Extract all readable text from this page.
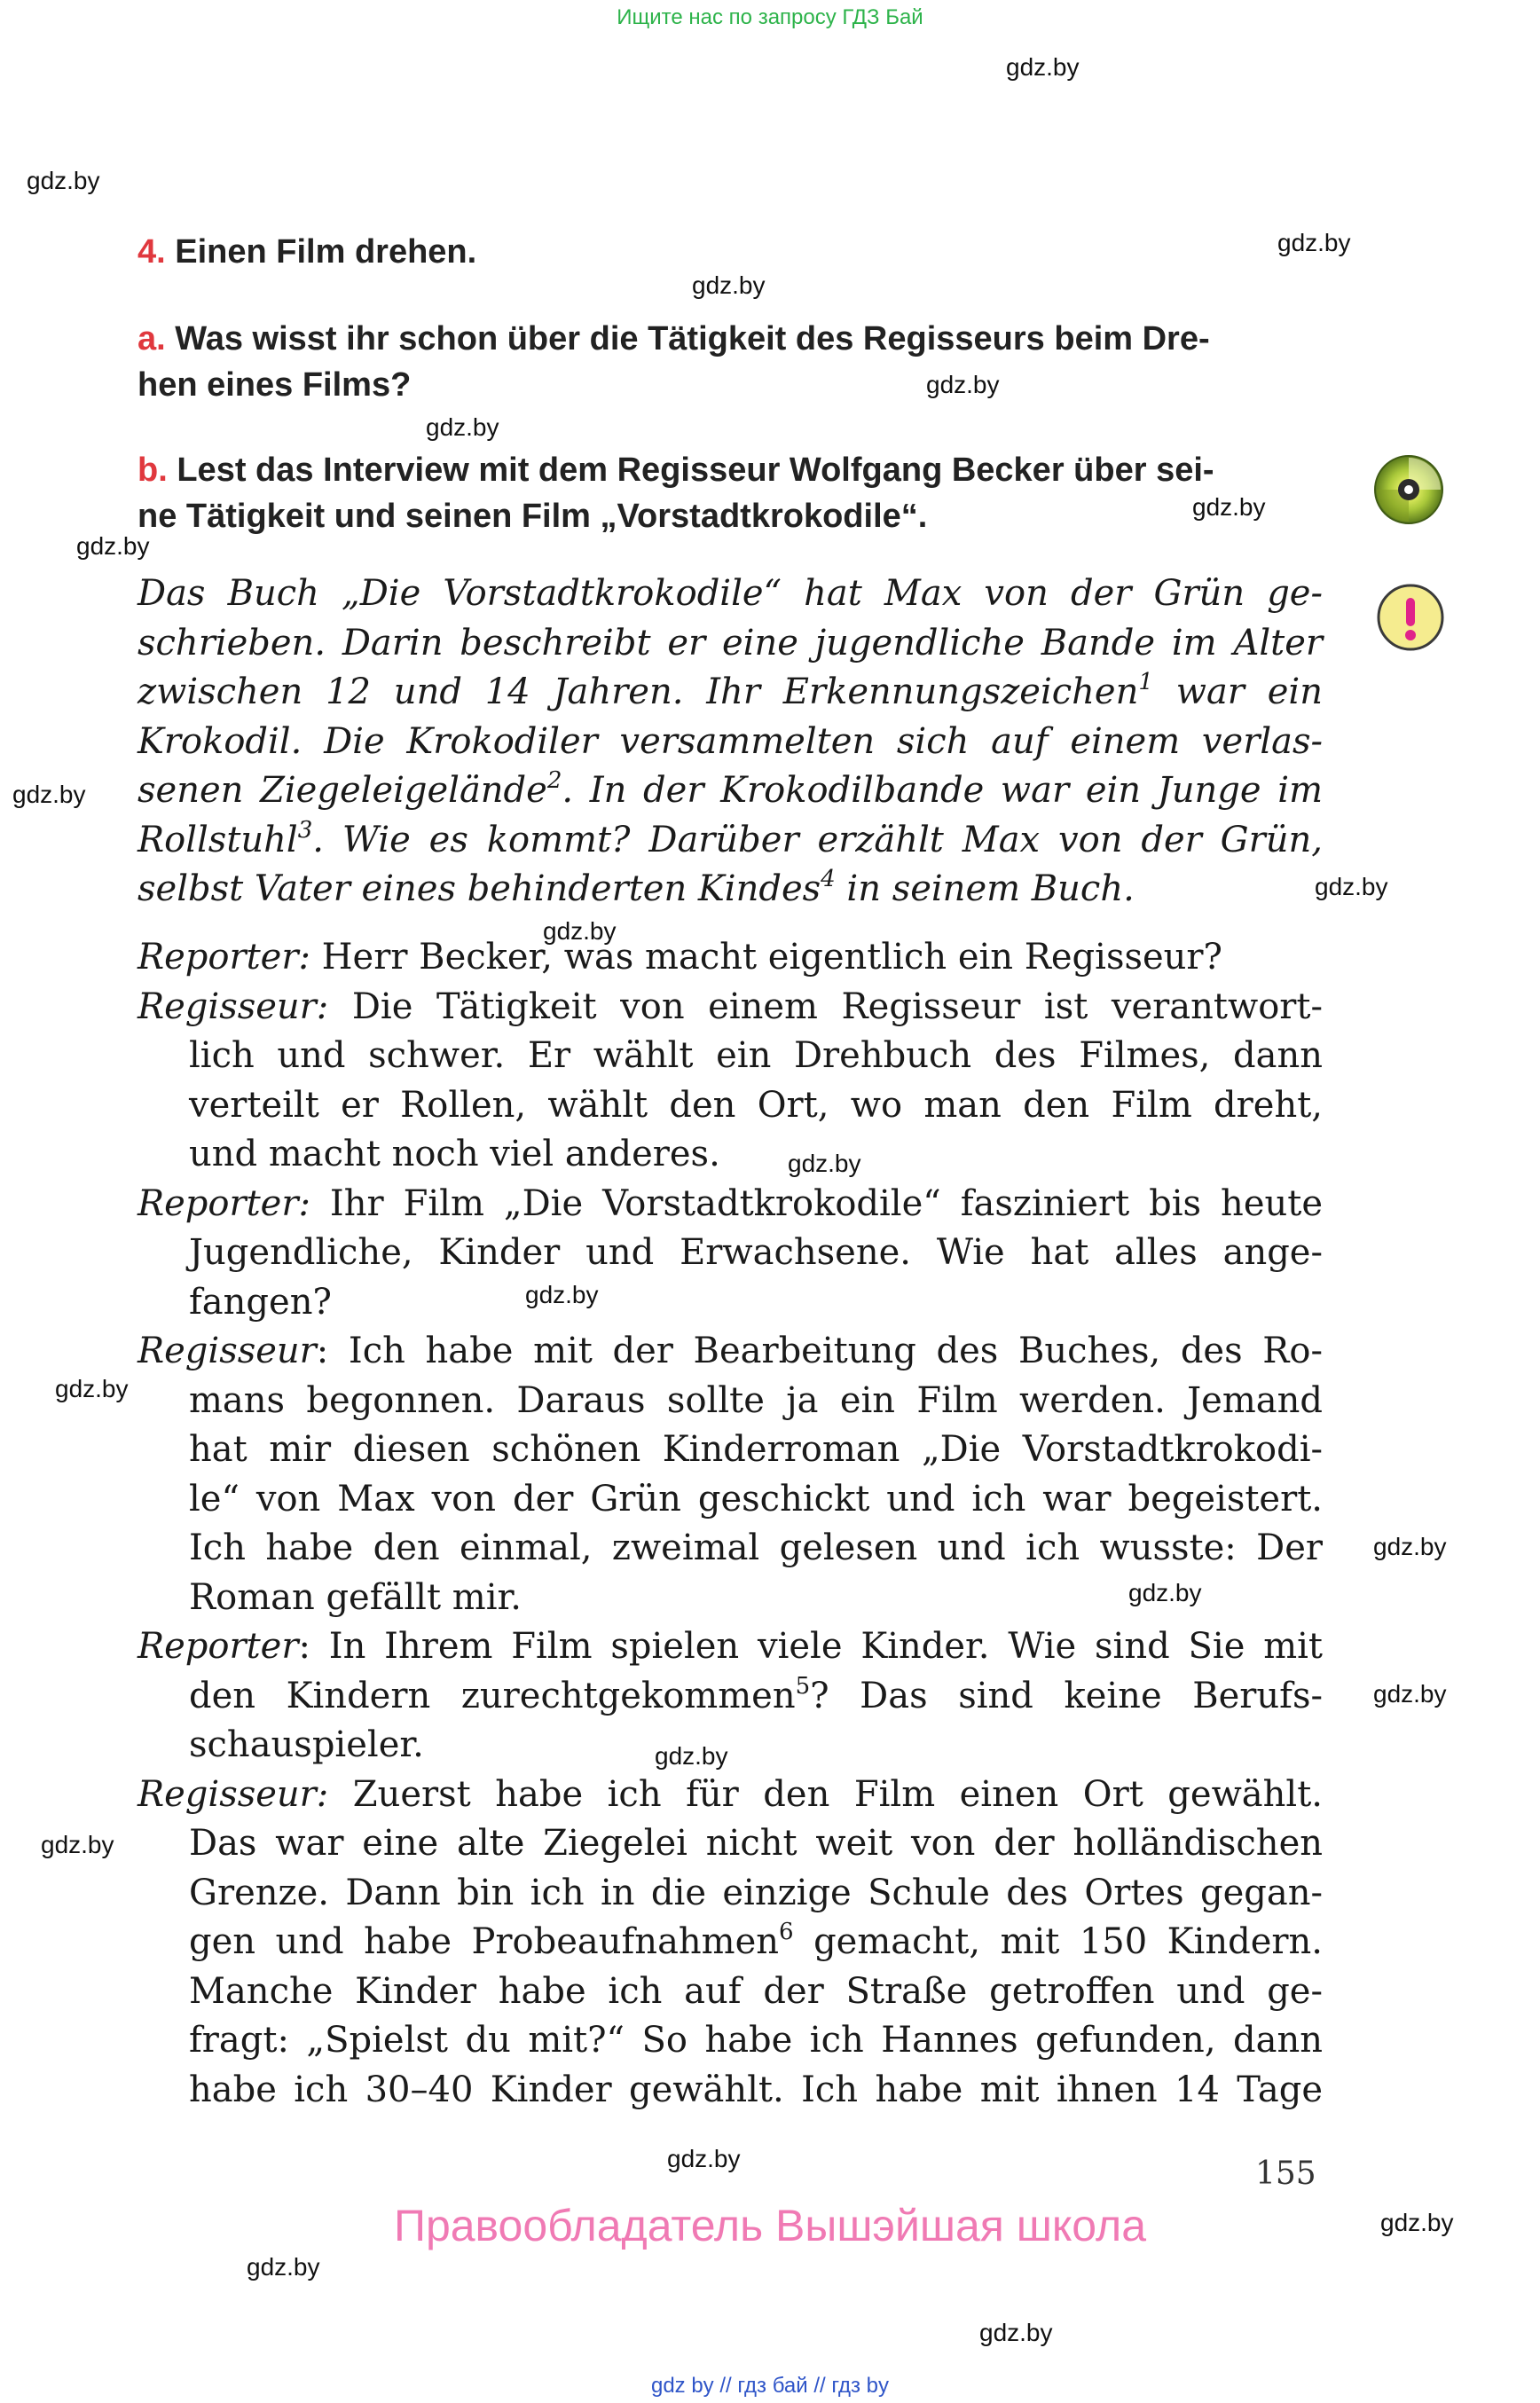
Ищите нас по запросу ГДЗ Бай
gdz.by
gdz.by
gdz.by
gdz.by
gdz.by
gdz.by
gdz.by
gdz.by
gdz.by
gdz.by
gdz.by
gdz.by
gdz.by
gdz.by
gdz.by
gdz.by
gdz.by
gdz.by
gdz.by
gdz.by
gdz.by
gdz.by
gdz.by
4. Einen Film drehen.
a. Was wisst ihr schon über die Tätigkeit des Regisseurs beim Dre-
hen eines Films?
b. Lest das Interview mit dem Regisseur Wolfgang Becker über sei-
ne Tätigkeit und seinen Film „Vorstadtkrokodile“.
Das Buch „Die Vorstadtkrokodile“ hat Max von der Grün ge-
schrieben. Darin beschreibt er eine jugendliche Bande im Alter
zwischen 12 und 14 Jahren. Ihr Erkennungszeichen$^1$ war ein
Krokodil. Die Krokodiler versammelten sich auf einem verlas-
senen Ziegeleigelände$^2$. In der Krokodilbande war ein Junge im
Rollstuhl$^3$. Wie es kommt? Darüber erzählt Max von der Grün,
selbst Vater eines behinderten Kindes$^4$ in seinem Buch.
Reporter: Herr Becker, was macht eigentlich ein Regisseur?
Regisseur: Die Tätigkeit von einem Regisseur ist verantwort-
lich und schwer. Er wählt ein Drehbuch des Filmes, dann
verteilt er Rollen, wählt den Ort, wo man den Film dreht,
und macht noch viel anderes.
Reporter: Ihr Film „Die Vorstadtkrokodile“ fasziniert bis heute
Jugendliche, Kinder und Erwachsene. Wie hat alles ange-
fangen?
Regisseur: Ich habe mit der Bearbeitung des Buches, des Ro-
mans begonnen. Daraus sollte ja ein Film werden. Jemand
hat mir diesen schönen Kinderroman „Die Vorstadtkrokodi-
le“ von Max von der Grün geschickt und ich war begeistert.
Ich habe den einmal, zweimal gelesen und ich wusste: Der
Roman gefällt mir.
Reporter: In Ihrem Film spielen viele Kinder. Wie sind Sie mit
den Kindern zurechtgekommen$^5$? Das sind keine Berufs-
schauspieler.
Regisseur: Zuerst habe ich für den Film einen Ort gewählt.
Das war eine alte Ziegelei nicht weit von der holländischen
Grenze. Dann bin ich in die einzige Schule des Ortes gegan-
gen und habe Probeaufnahmen$^6$ gemacht, mit 150 Kindern.
Manche Kinder habe ich auf der Straße getroffen und ge-
fragt: „Spielst du mit?“ So habe ich Hannes gefunden, dann
habe ich 30–40 Kinder gewählt. Ich habe mit ihnen 14 Tage
155
Правообладатель Вышэйшая школа
gdz by // гдз бай // гдз by
